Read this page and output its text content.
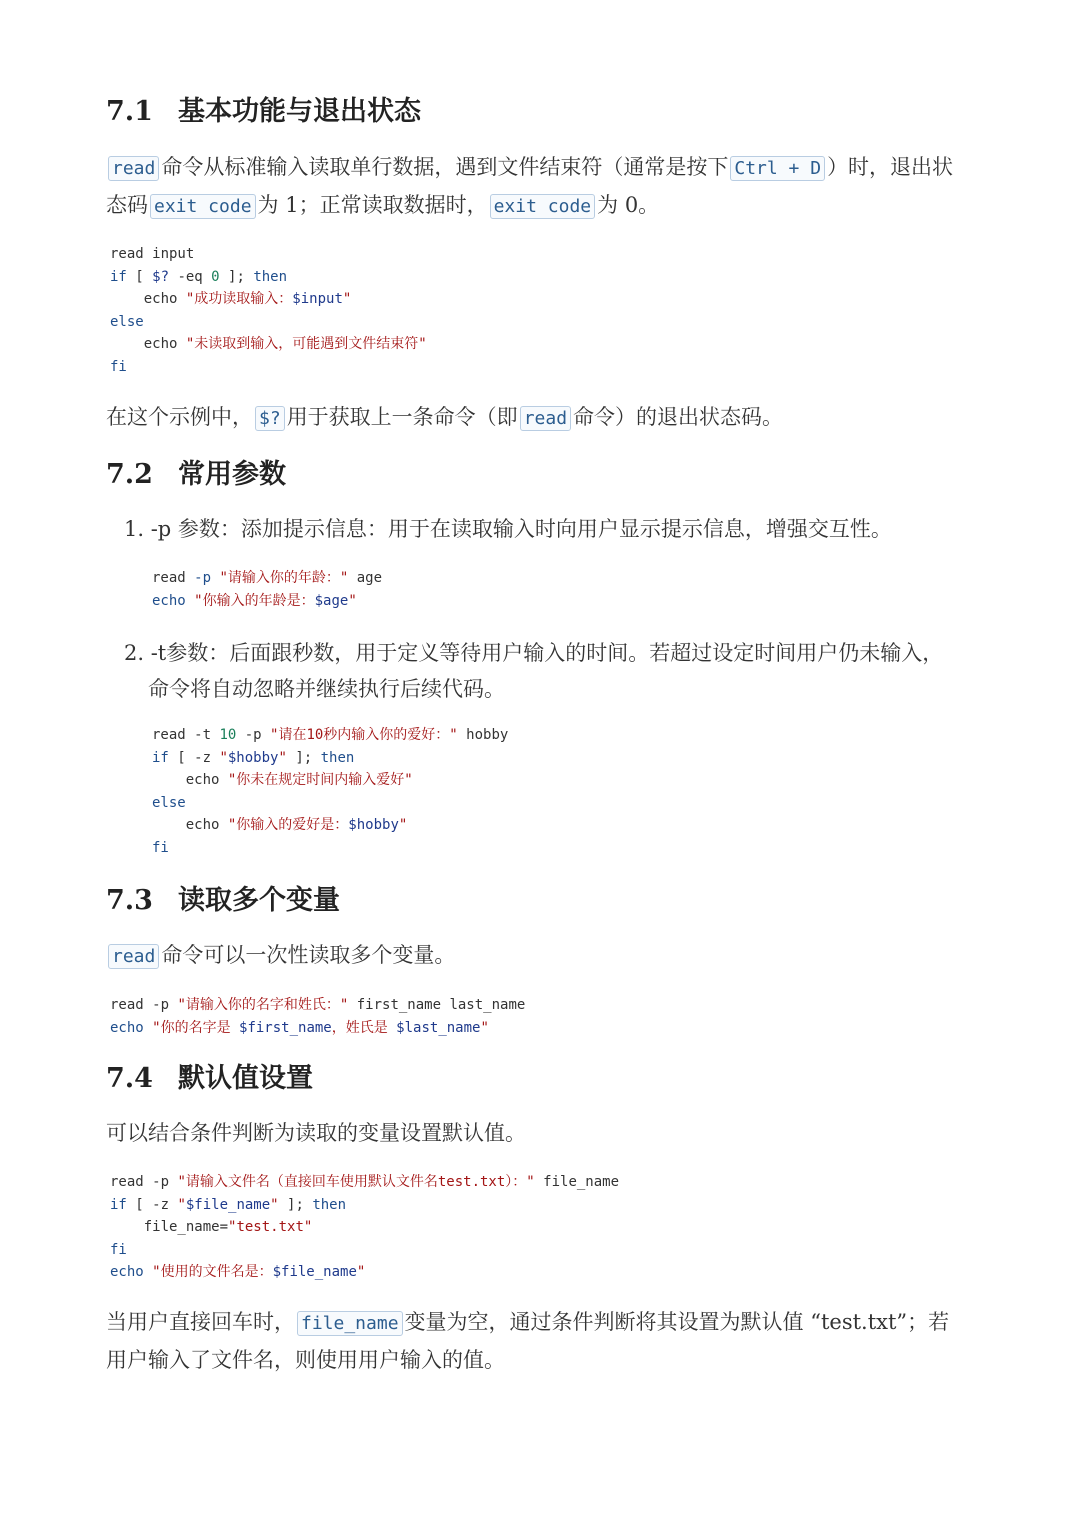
7.1 基本功能与退出状态

read 命令从标准输入读取单行数据，遇到文件结束符（通常是按下 Ctrl + D ）时，退出状
态码 exit code 为 1；正常读取数据时， exit code 为 0。

read input
if [ $? -eq 0 ]; then
echo "成功读取输入：$input"
else
echo "未读取到输入，可能遇到文件结束符"
fi

在这个示例中， $? 用于获取上一条命令（即 read 命令）的退出状态码。

7.2 常用参数

1. -p 参数：添加提示信息：用于在读取输入时向用户显示提示信息，增强交互性。

read -p "请输入你的年龄：" age
echo "你输入的年龄是：$age"

2. -t参数：后面跟秒数，用于定义等待用户输入的时间。若超过设定时间用户仍未输入，
命令将自动忽略并继续执行后续代码。

read -t 10 -p "请在10秒内输入你的爱好：" hobby
if [ -z "$hobby" ]; then
echo "你未在规定时间内输入爱好"
else
echo "你输入的爱好是：$hobby"
fi
7.3 读取多个变量

read 命令可以一次性读取多个变量。

read -p "请输入你的名字和姓氏：" first_name last_name
echo "你的名字是 $first_name，姓氏是 $last_name"
7.4 默认值设置

可以结合条件判断为读取的变量设置默认值。

read -p "请输入文件名（直接回车使用默认文件名test.txt）：" file_name
if [ -z "$file_name" ]; then
file_name="test.txt"
fi
echo "使用的文件名是：$file_name"

当用户直接回车时， file_name 变量为空，通过条件判断将其设置为默认值 “test.txt”；若
用户输入了文件名，则使用用户输入的值。
